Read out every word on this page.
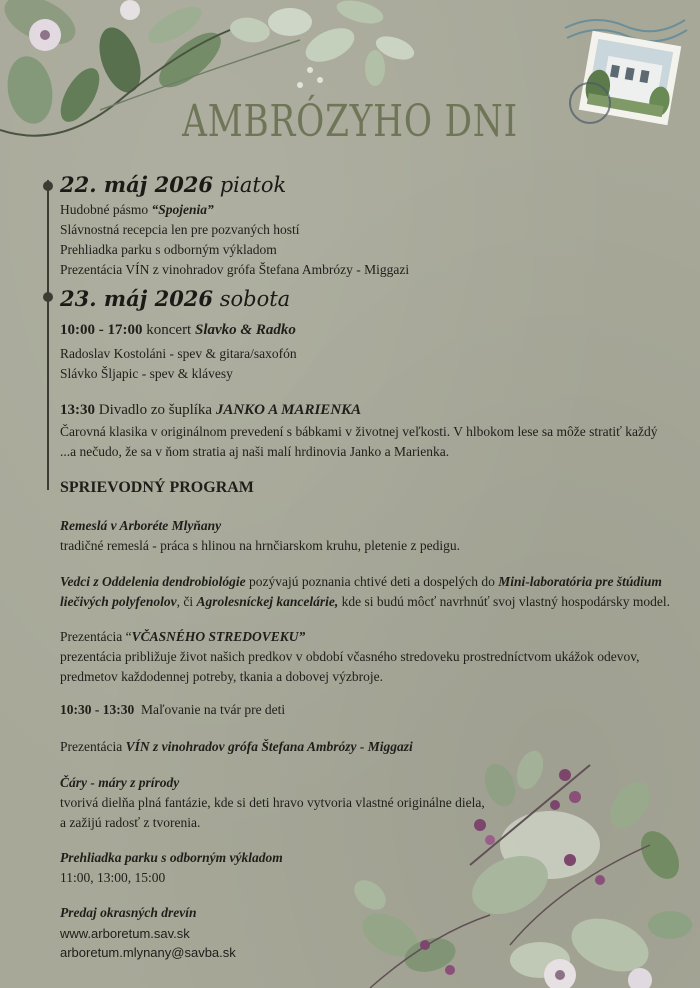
AMBRÓZYHO DNI
22. máj 2026 piatok
Hudobné pásmo “Spojenia”
Slávnostná recepcia len pre pozvaných hostí
Prehliadka parku s odborným výkladom
Prezentácia VÍN z vinohradov grófa Štefana Ambrózy - Miggazi
23. máj 2026 sobota
10:00 - 17:00 koncert Slavko & Radko
Radoslav Kostoláni - spev & gitara/saxofón
Slávko Šljapic - spev & klávesy
13:30 Divadlo zo šuplíka JANKO A MARIENKA
Čarovná klasika v originálnom prevedení s bábkami v životnej veľkosti. V hlbokom lese sa môže stratiť každý
...a nečudo, že sa v ňom stratia aj naši malí hrdinovia Janko a Marienka.
SPRIEVODNÝ PROGRAM
Remeslá v Arboréte Mlyňany
tradičné remeslá - práca s hlinou na hrnčiarskom kruhu, pletenie z pedigu.
Vedci z Oddelenia dendrobiológie pozývajú poznania chtivé deti a dospelých do Mini-laboratória pre štúdium
liečivých polyfenolov, či Agrolesníckej kancelárie, kde si budú môcť navrhnúť svoj vlastný hospodársky model.
Prezentácia “VČASNÉHO STREDOVEKU”
prezentácia približuje život našich predkov v období včasného stredoveku prostredníctvom ukážok odevov,
predmetov každodennej potreby, tkania a dobovej výzbroje.
10:30 - 13:30  Maľovanie na tvár pre deti
Prezentácia VÍN z vinohradov grófa Štefana Ambrózy - Miggazi
Čáry - máry z prírody
tvorivá dielňa plná fantázie, kde si deti hravo vytvoria vlastné originálne diela,
a zažijú radosť z tvorenia.
Prehliadka parku s odborným výkladom
11:00, 13:00, 15:00
Predaj okrasných drevín
www.arboretum.sav.sk
arboretum.mlynany@savba.sk
